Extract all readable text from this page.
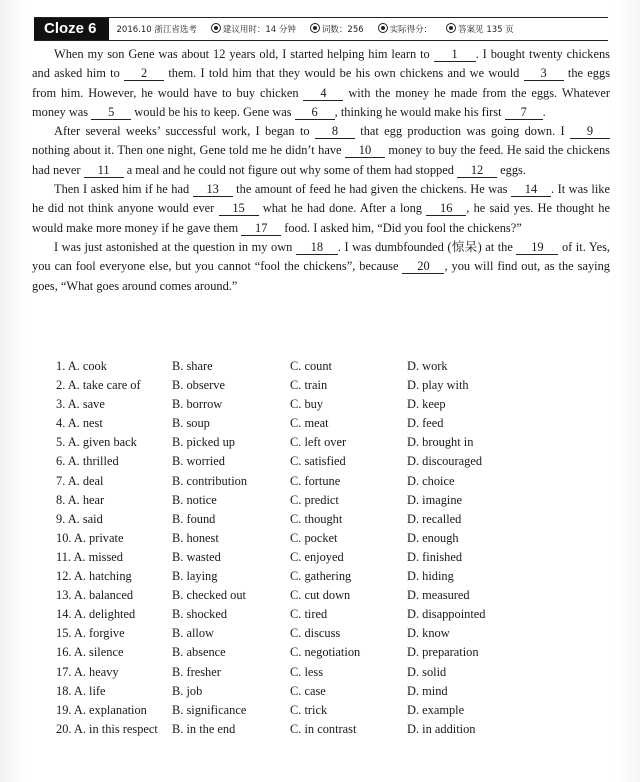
Cloze 6	2016.10 浙江省选考	建议用时：14 分钟	词数：256	实际得分：	答案见 135 页

When my son Gene was about 12 years old, I started helping him learn to 1 . I bought twenty chickens and asked him to 2 them. I told him that they would be his own chickens and we would 3 the eggs from him. However, he would have to buy chicken 4 with the money he made from the eggs. Whatever money was 5 would be his to keep. Gene was 6 , thinking he would make his first 7 .

After several weeks’ successful work, I began to 8 that egg production was going down. I 9 nothing about it. Then one night, Gene told me he didn’t have 10 money to buy the feed. He said the chickens had never 11 a meal and he could not figure out why some of them had stopped 12 eggs.

Then I asked him if he had 13 the amount of feed he had given the chickens. He was 14 . It was like he did not think anyone would ever 15 what he had done. After a long 16 , he said yes. He thought he would make more money if he gave them 17 food. I asked him, “Did you fool the chickens?”

I was just astonished at the question in my own 18 . I was dumbfounded (惊呆) at the 19 of it. Yes, you can fool everyone else, but you cannot “fool the chickens”, because 20 , you will find out, as the saying goes, “What goes around comes around.”

1. A. cook	B. share	C. count	D. work
2. A. take care of	B. observe	C. train	D. play with
3. A. save	B. borrow	C. buy	D. keep
4. A. nest	B. soup	C. meat	D. feed
5. A. given back	B. picked up	C. left over	D. brought in
6. A. thrilled	B. worried	C. satisfied	D. discouraged
7. A. deal	B. contribution	C. fortune	D. choice
8. A. hear	B. notice	C. predict	D. imagine
9. A. said	B. found	C. thought	D. recalled
10. A. private	B. honest	C. pocket	D. enough
11. A. missed	B. wasted	C. enjoyed	D. finished
12. A. hatching	B. laying	C. gathering	D. hiding
13. A. balanced	B. checked out	C. cut down	D. measured
14. A. delighted	B. shocked	C. tired	D. disappointed
15. A. forgive	B. allow	C. discuss	D. know
16. A. silence	B. absence	C. negotiation	D. preparation
17. A. heavy	B. fresher	C. less	D. solid
18. A. life	B. job	C. case	D. mind
19. A. explanation	B. significance	C. trick	D. example
20. A. in this respect	B. in the end	C. in contrast	D. in addition
